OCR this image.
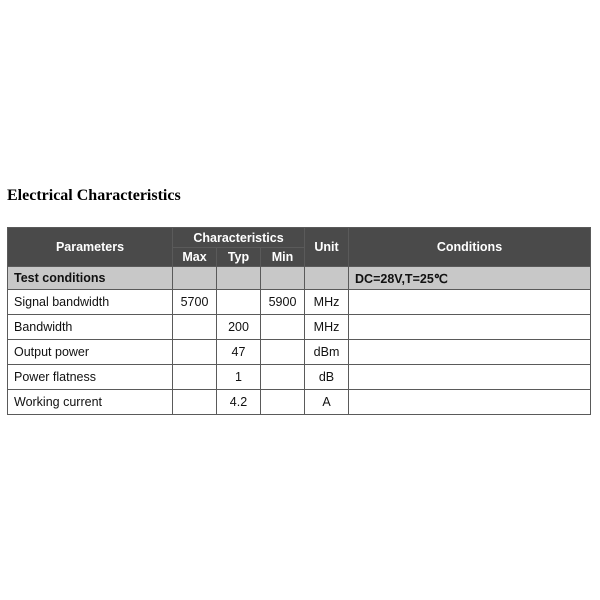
Electrical Characteristics
Parameters	Characteristics			Unit	Conditions
	Max	Typ	Min		
Test conditions					DC=28V,T=25℃
Signal bandwidth	5700		5900	MHz	
Bandwidth		200		MHz	
Output power		47		dBm	
Power flatness		1		dB	
Working current		4.2		A	
